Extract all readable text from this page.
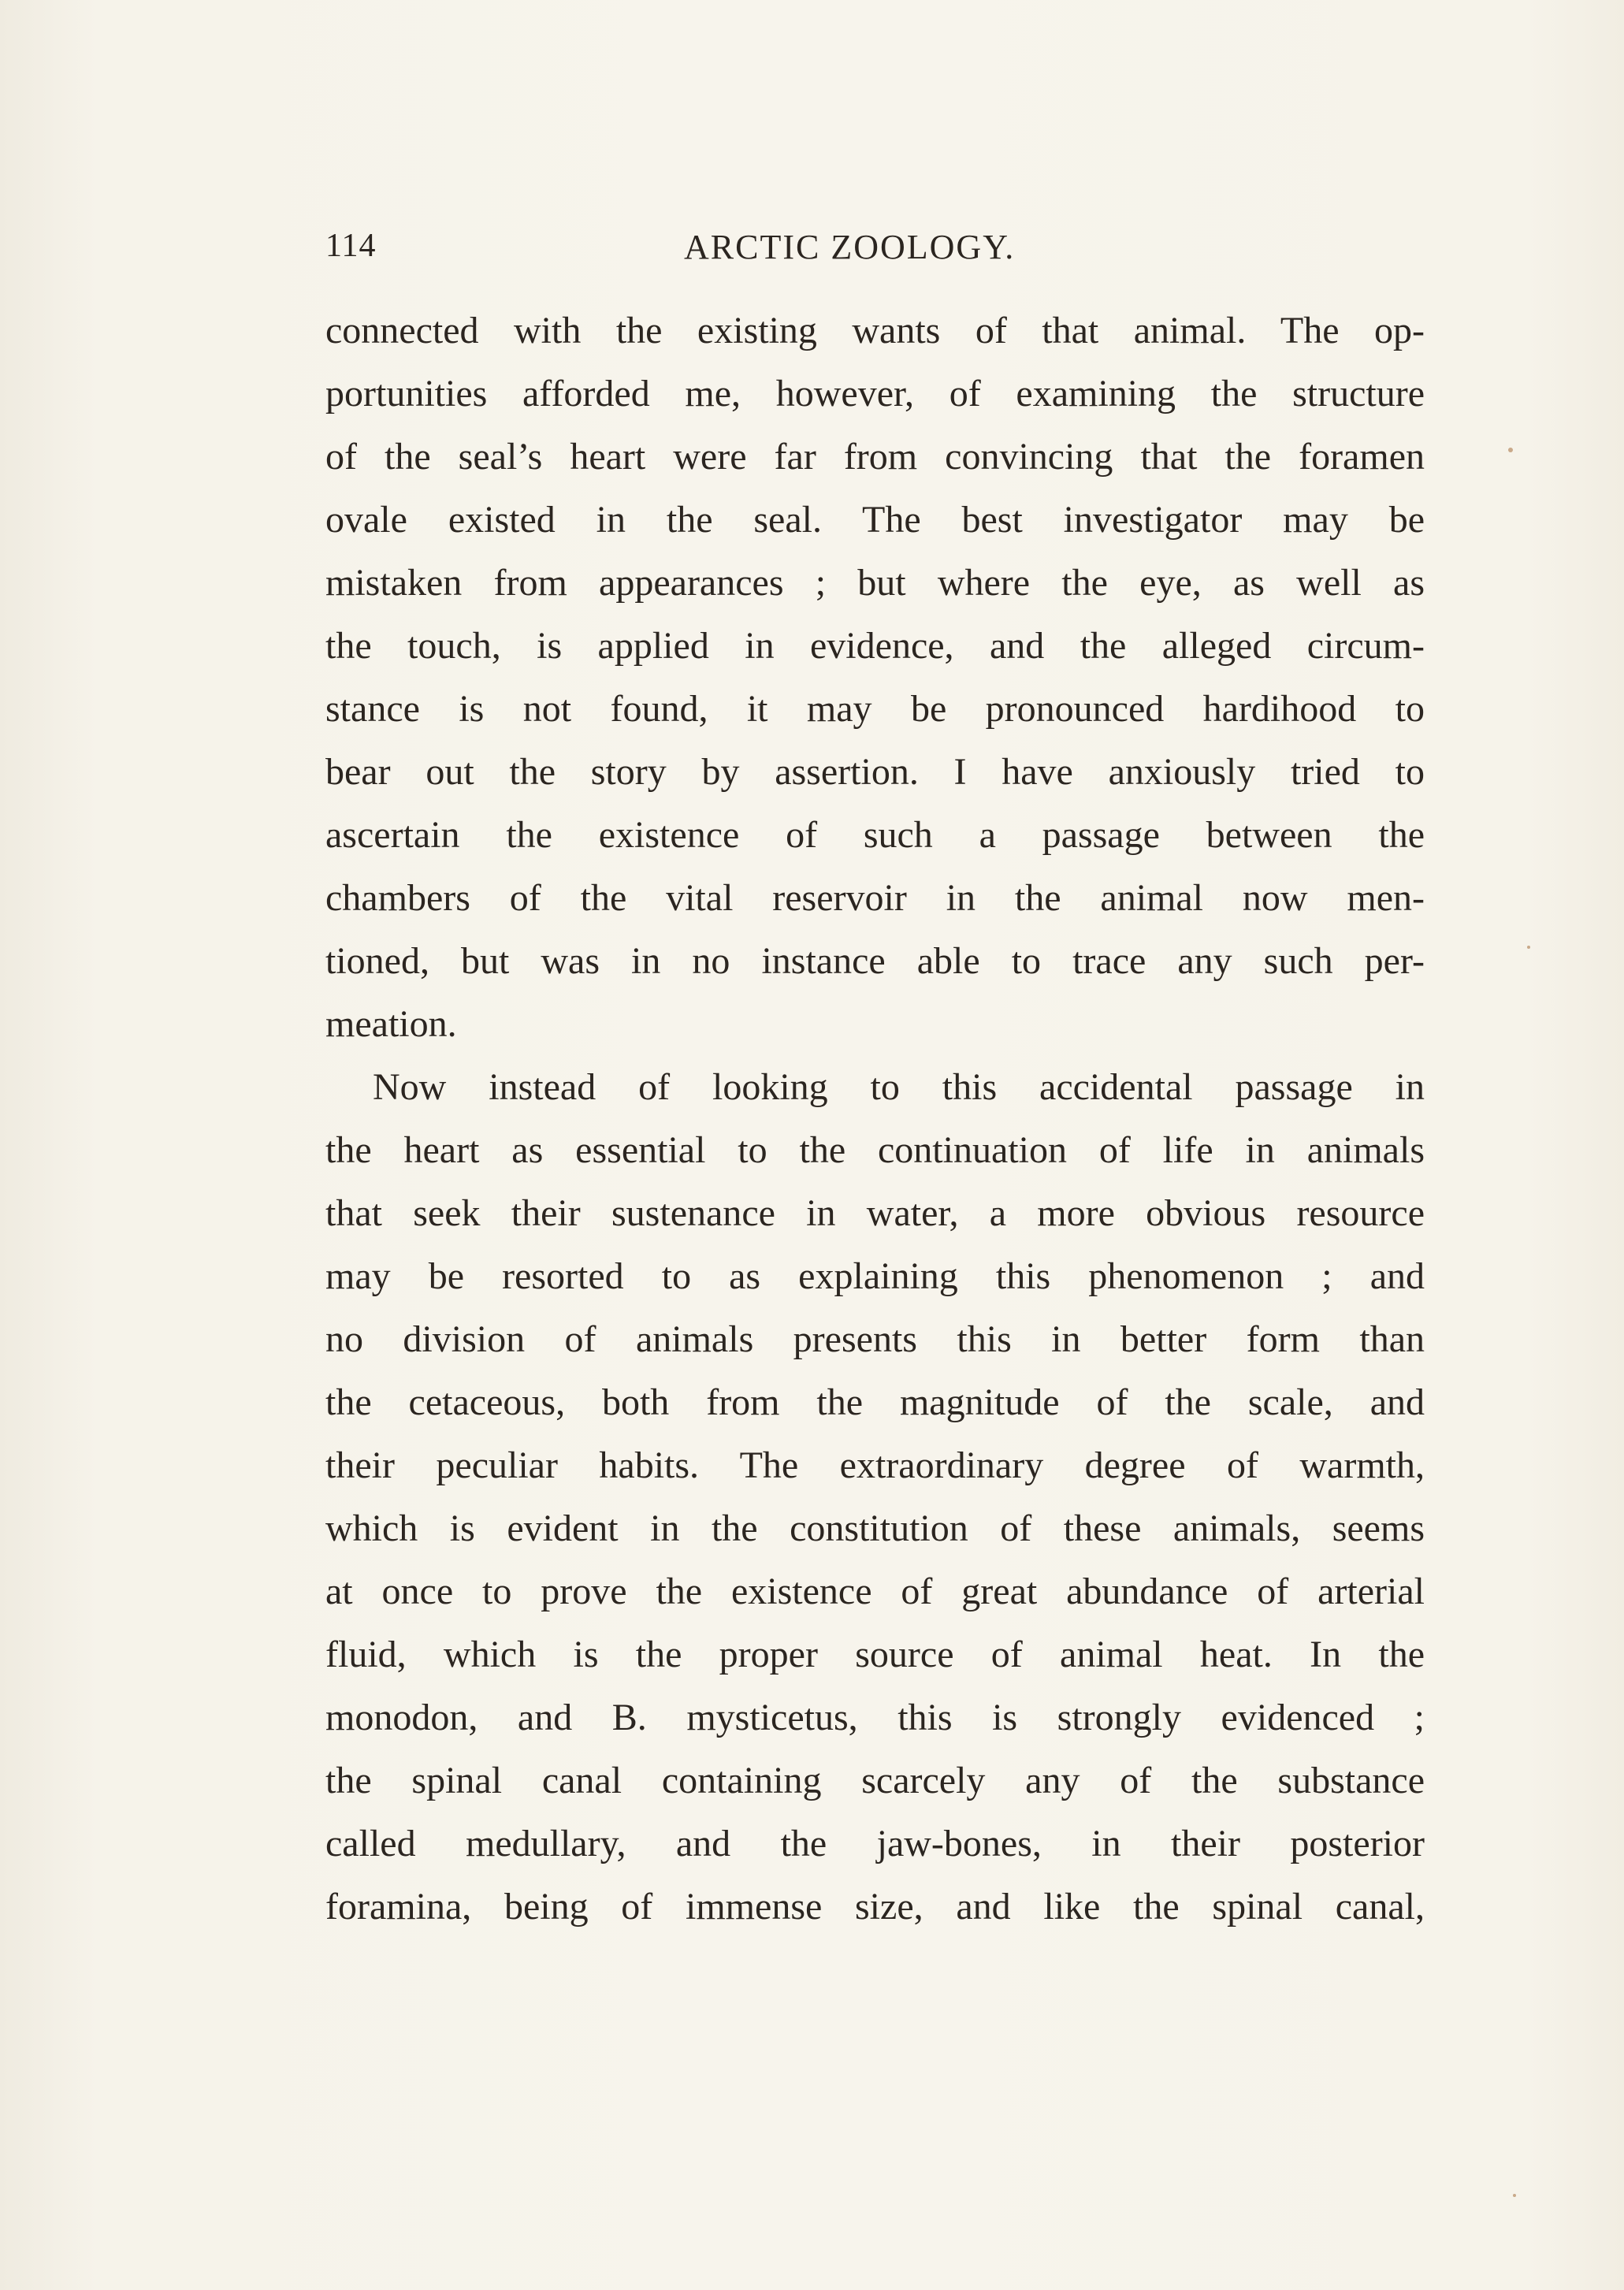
114	ARCTIC ZOOLOGY.
connected with the existing wants of that animal. The op-
portunities afforded me, however, of examining the structure
of the seal’s heart were far from convincing that the foramen
ovale existed in the seal. The best investigator may be
mistaken from appearances ; but where the eye, as well as
the touch, is applied in evidence, and the alleged circum-
stance is not found, it may be pronounced hardihood to
bear out the story by assertion. I have anxiously tried to
ascertain the existence of such a passage between the
chambers of the vital reservoir in the animal now men-
tioned, but was in no instance able to trace any such per-
meation.
Now instead of looking to this accidental passage in
the heart as essential to the continuation of life in animals
that seek their sustenance in water, a more obvious resource
may be resorted to as explaining this phenomenon ; and
no division of animals presents this in better form than
the cetaceous, both from the magnitude of the scale, and
their peculiar habits. The extraordinary degree of warmth,
which is evident in the constitution of these animals, seems
at once to prove the existence of great abundance of arterial
fluid, which is the proper source of animal heat. In the
monodon, and B. mysticetus, this is strongly evidenced ;
the spinal canal containing scarcely any of the substance
called medullary, and the jaw-bones, in their posterior
foramina, being of immense size, and like the spinal canal,
